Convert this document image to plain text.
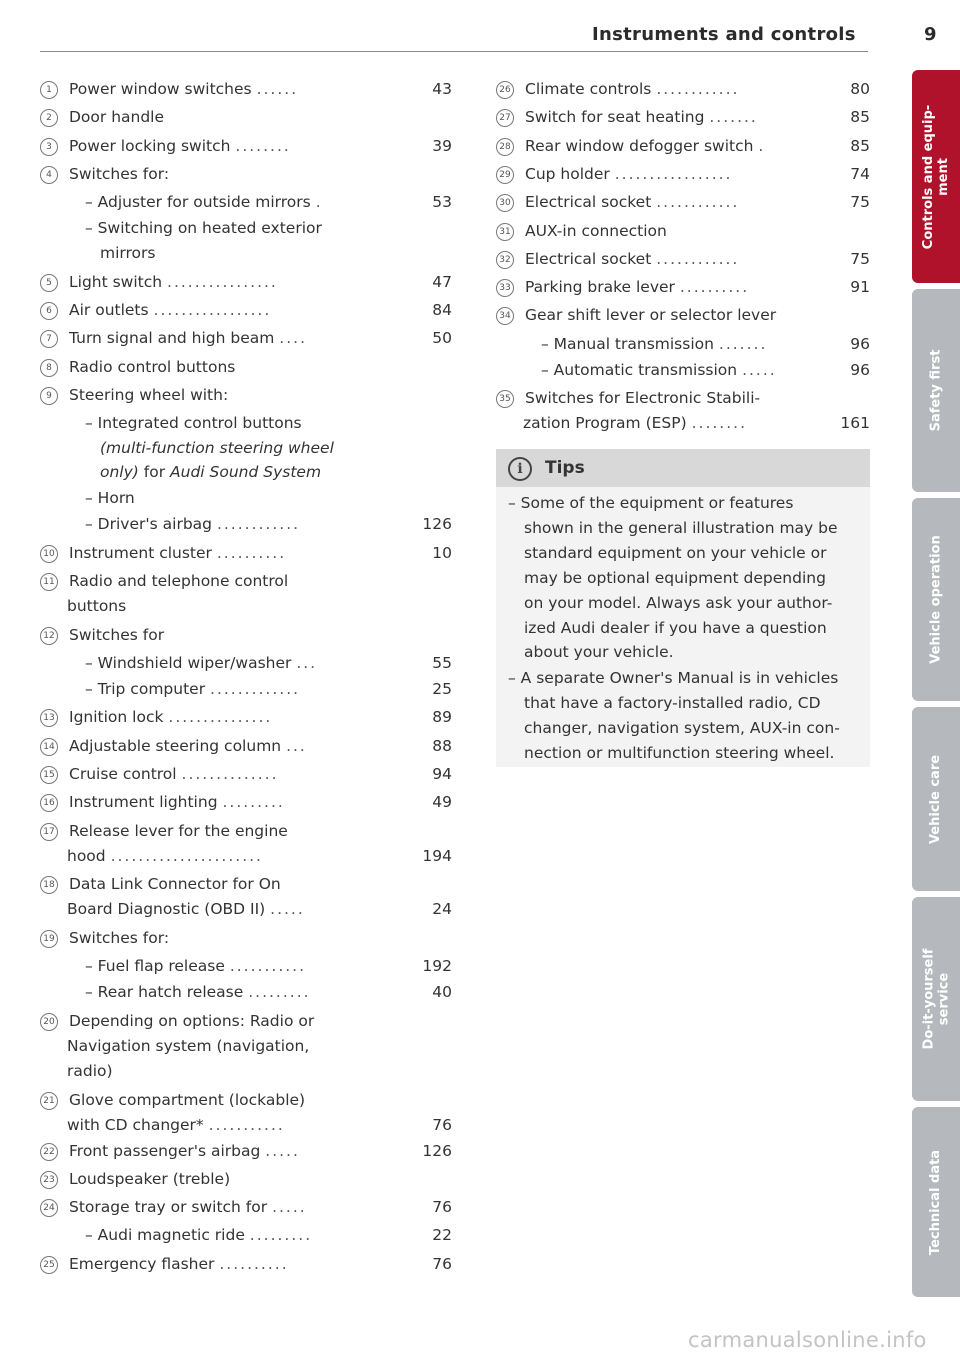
Instruments and controls	9
1	Power window switches ......	43
2	Door handle
3	Power locking switch ........	39
4	Switches for:
– Adjuster for outside mirrors .	53
– Switching on heated exterior
mirrors
5	Light switch ................	47
6	Air outlets .................	84
7	Turn signal and high beam ....	50
8	Radio control buttons
9	Steering wheel with:
– Integrated control buttons
(multi-function steering wheel
only) for Audi Sound System
– Horn
– Driver's airbag ............	126
10 Instrument cluster ..........	10
11 Radio and telephone control
buttons
12 Switches for
– Windshield wiper/washer ...	55
– Trip computer .............	25
13 Ignition lock ...............	89
14 Adjustable steering column ...	88
15 Cruise control ..............	94
16 Instrument lighting .........	49
17 Release lever for the engine
hood ......................	194
18 Data Link Connector for On
Board Diagnostic (OBD II) .....	24
19 Switches for:
– Fuel flap release ...........	192
– Rear hatch release .........	40
20 Depending on options: Radio or
Navigation system (navigation,
radio)
21 Glove compartment (lockable)
with CD changer* ...........	76
22 Front passenger's airbag .....	126
23 Loudspeaker (treble)
24 Storage tray or switch for .....	76
– Audi magnetic ride .........	22
25 Emergency flasher ..........	76
26 Climate controls ............	80
27 Switch for seat heating .......	85
28 Rear window defogger switch .	85
29 Cup holder .................	74
30 Electrical socket ............	75
31 AUX-in connection
32 Electrical socket ............	75
33 Parking brake lever ..........	91
34 Gear shift lever or selector lever
– Manual transmission .......	96
– Automatic transmission .....	96
35 Switches for Electronic Stabili-
zation Program (ESP) ........	161
i	Tips
– Some of the equipment or features
shown in the general illustration may be
standard equipment on your vehicle or
may be optional equipment depending
on your model. Always ask your author-
ized Audi dealer if you have a question
about your vehicle.
– A separate Owner's Manual is in vehicles
that have a factory-installed radio, CD
changer, navigation system, AUX-in con-
nection or multifunction steering wheel.
Controls and equip-
ment
Safety first
Vehicle operation
Vehicle care
Do-it-yourself
service
Technical data
carmanualsonline.info
